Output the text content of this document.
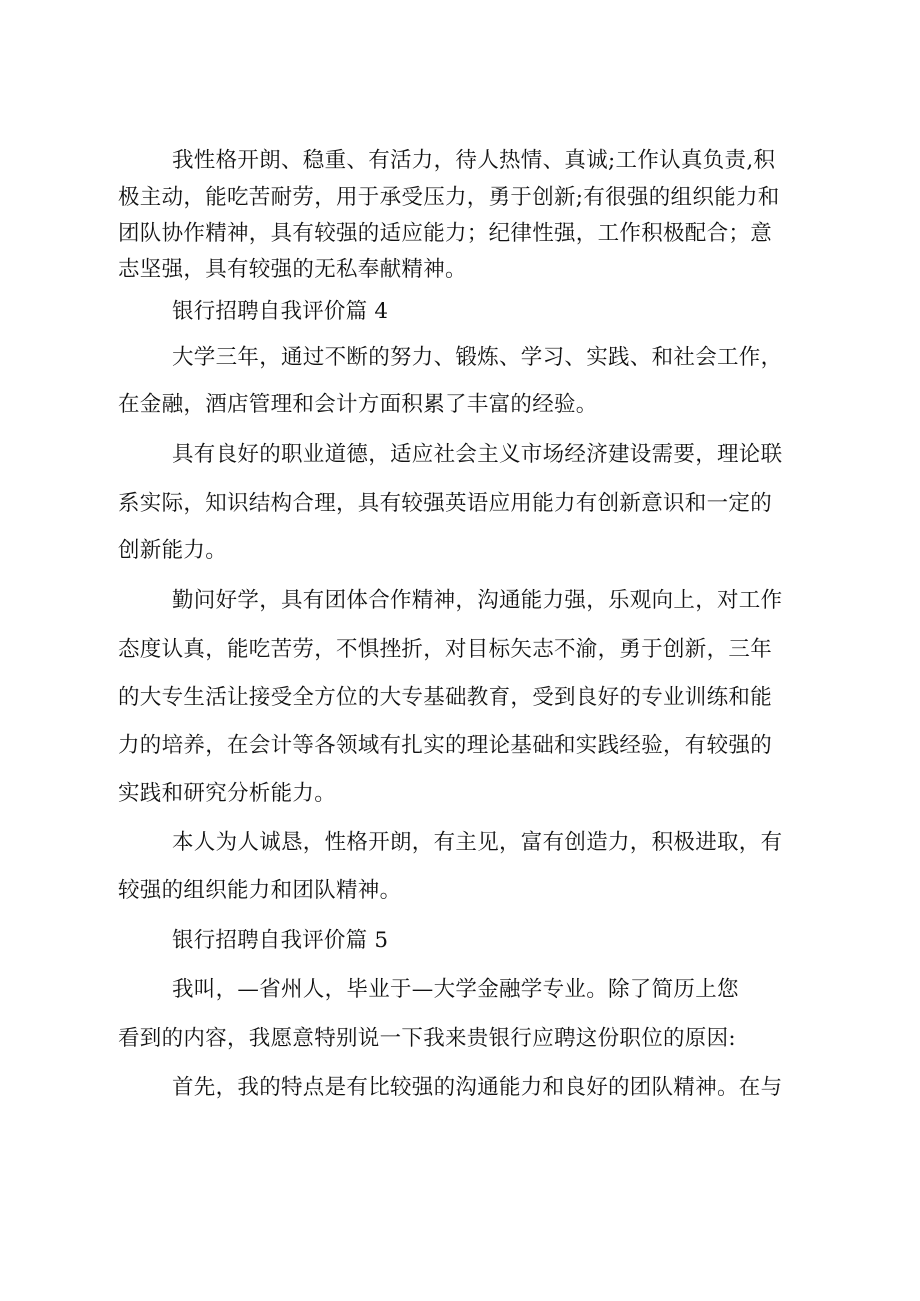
我性格开朗、稳重、有活力，待人热情、真诚;工作认真负责,积
极主动，能吃苦耐劳，用于承受压力，勇于创新;有很强的组织能力和
团队协作精神，具有较强的适应能力；纪律性强，工作积极配合；意
志坚强，具有较强的无私奉献精神。
银行招聘自我评价篇 4
大学三年，通过不断的努力、锻炼、学习、实践、和社会工作，
在金融，酒店管理和会计方面积累了丰富的经验。
具有良好的职业道德，适应社会主义市场经济建设需要，理论联
系实际，知识结构合理，具有较强英语应用能力有创新意识和一定的
创新能力。
勤问好学，具有团体合作精神，沟通能力强，乐观向上，对工作
态度认真，能吃苦劳，不惧挫折，对目标矢志不渝，勇于创新，三年
的大专生活让接受全方位的大专基础教育，受到良好的专业训练和能
力的培养，在会计等各领域有扎实的理论基础和实践经验，有较强的
实践和研究分析能力。
本人为人诚恳，性格开朗，有主见，富有创造力，积极进取，有
较强的组织能力和团队精神。
银行招聘自我评价篇 5
我叫，—省州人，毕业于—大学金融学专业。除了简历上您
看到的内容，我愿意特别说一下我来贵银行应聘这份职位的原因:
首先，我的特点是有比较强的沟通能力和良好的团队精神。在与
